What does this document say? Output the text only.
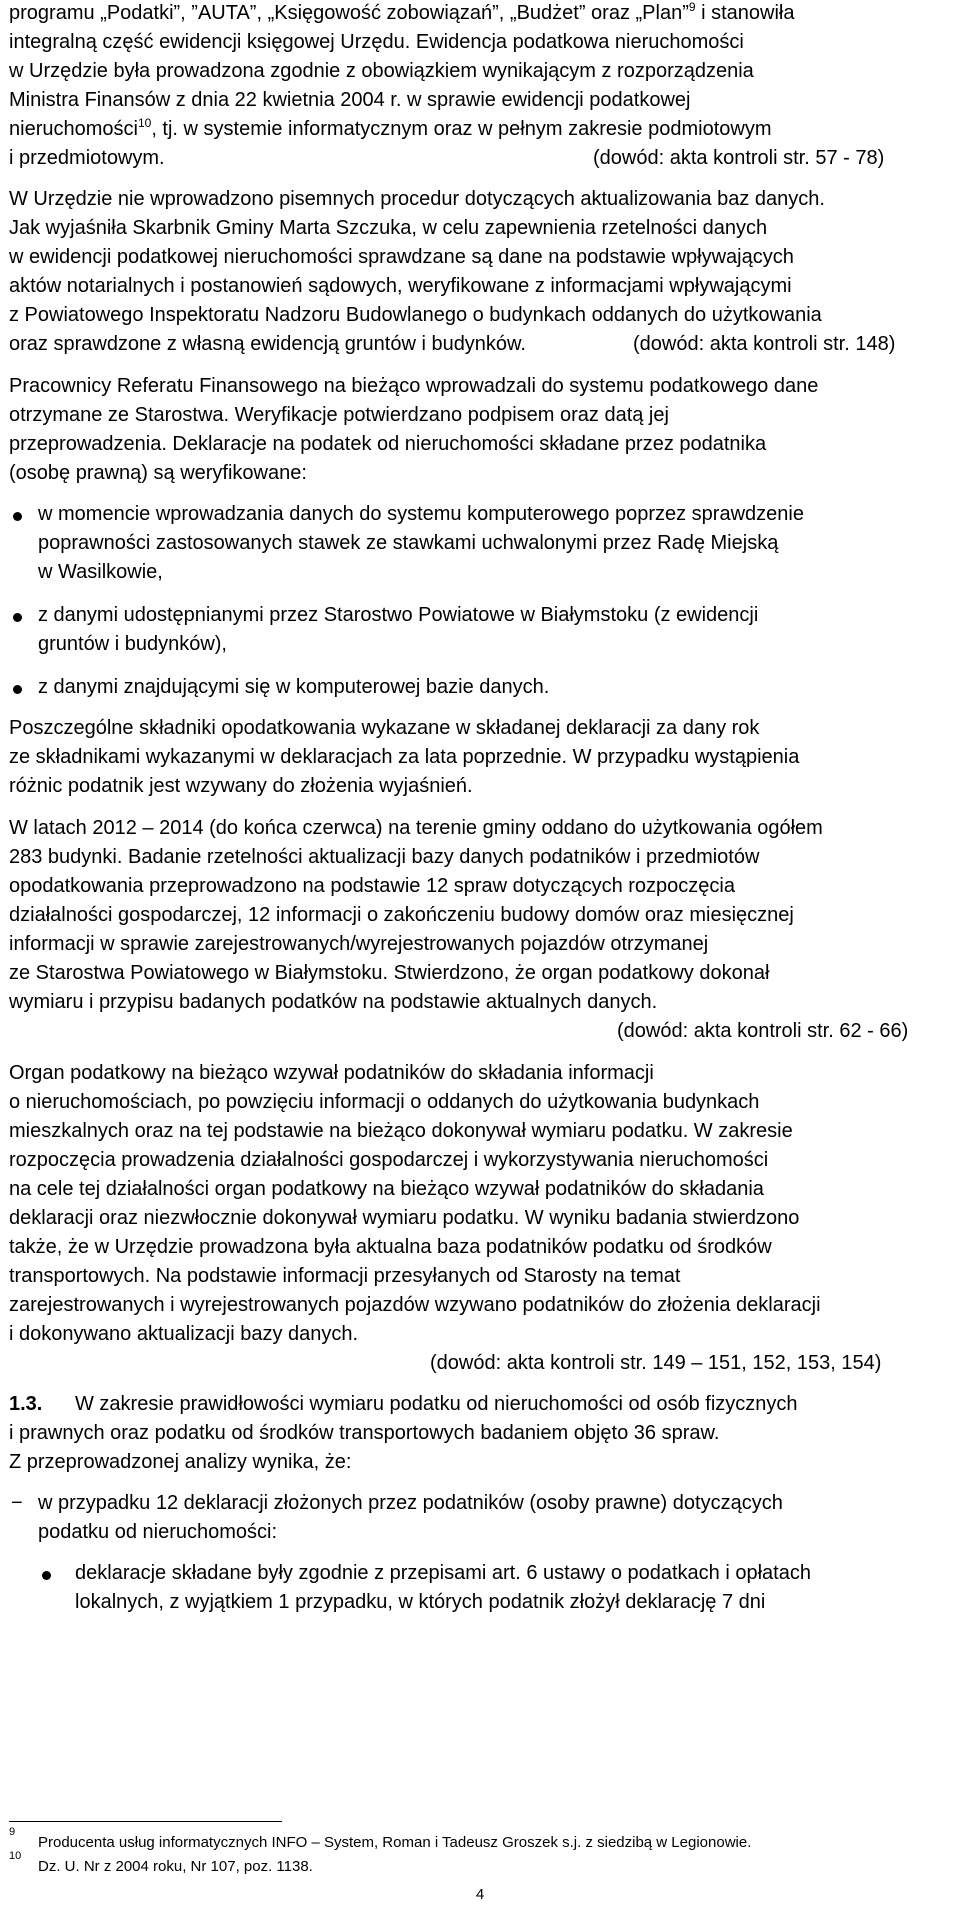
programu „Podatki”, ”AUTA”, „Księgowość zobowiązań”, „Budżet” oraz „Plan”$^9$ i stanowiła
integralną część ewidencji księgowej Urzędu. Ewidencja podatkowa nieruchomości
w Urzędzie była prowadzona zgodnie z obowiązkiem wynikającym z rozporządzenia
Ministra Finansów z dnia 22 kwietnia 2004 r. w sprawie ewidencji podatkowej
nieruchomości$^{10}$, tj. w systemie informatycznym oraz w pełnym zakresie podmiotowym
i przedmiotowym.	(dowód: akta kontroli str. 57 - 78)
W Urzędzie nie wprowadzono pisemnych procedur dotyczących aktualizowania baz danych.
Jak wyjaśniła Skarbnik Gminy Marta Szczuka, w celu zapewnienia rzetelności danych
w ewidencji podatkowej nieruchomości sprawdzane są dane na podstawie wpływających
aktów notarialnych i postanowień sądowych, weryfikowane z informacjami wpływającymi
z Powiatowego Inspektoratu Nadzoru Budowlanego o budynkach oddanych do użytkowania
oraz sprawdzone z własną ewidencją gruntów i budynków.	(dowód: akta kontroli str. 148)
Pracownicy Referatu Finansowego na bieżąco wprowadzali do systemu podatkowego dane
otrzymane ze Starostwa. Weryfikacje potwierdzano podpisem oraz datą jej
przeprowadzenia. Deklaracje na podatek od nieruchomości składane przez podatnika
(osobę prawną) są weryfikowane:
w momencie wprowadzania danych do systemu komputerowego poprzez sprawdzenie
poprawności zastosowanych stawek ze stawkami uchwalonymi przez Radę Miejską
w Wasilkowie,
z danymi udostępnianymi przez Starostwo Powiatowe w Białymstoku (z ewidencji
gruntów i budynków),
z danymi znajdującymi się w komputerowej bazie danych.
Poszczególne składniki opodatkowania wykazane w składanej deklaracji za dany rok
ze składnikami wykazanymi w deklaracjach za lata poprzednie. W przypadku wystąpienia
różnic podatnik jest wzywany do złożenia wyjaśnień.
W latach 2012 – 2014 (do końca czerwca) na terenie gminy oddano do użytkowania ogółem
283 budynki. Badanie rzetelności aktualizacji bazy danych podatników i przedmiotów
opodatkowania przeprowadzono na podstawie 12 spraw dotyczących rozpoczęcia
działalności gospodarczej, 12 informacji o zakończeniu budowy domów oraz miesięcznej
informacji w sprawie zarejestrowanych/wyrejestrowanych pojazdów otrzymanej
ze Starostwa Powiatowego w Białymstoku. Stwierdzono, że organ podatkowy dokonał
wymiaru i przypisu badanych podatków na podstawie aktualnych danych.
(dowód: akta kontroli str. 62 - 66)
Organ podatkowy na bieżąco wzywał podatników do składania informacji
o nieruchomościach, po powzięciu informacji o oddanych do użytkowania budynkach
mieszkalnych oraz na tej podstawie na bieżąco dokonywał wymiaru podatku. W zakresie
rozpoczęcia prowadzenia działalności gospodarczej i wykorzystywania nieruchomości
na cele tej działalności organ podatkowy na bieżąco wzywał podatników do składania
deklaracji oraz niezwłocznie dokonywał wymiaru podatku. W wyniku badania stwierdzono
także, że w Urzędzie prowadzona była aktualna baza podatników podatku od środków
transportowych. Na podstawie informacji przesyłanych od Starosty na temat
zarejestrowanych i wyrejestrowanych pojazdów wzywano podatników do złożenia deklaracji
i dokonywano aktualizacji bazy danych.
(dowód: akta kontroli str. 149 – 151, 152, 153, 154)
1.3. W zakresie prawidłowości wymiaru podatku od nieruchomości od osób fizycznych
i prawnych oraz podatku od środków transportowych badaniem objęto 36 spraw.
Z przeprowadzonej analizy wynika, że:
− w przypadku 12 deklaracji złożonych przez podatników (osoby prawne) dotyczących
podatku od nieruchomości:
deklaracje składane były zgodnie z przepisami art. 6 ustawy o podatkach i opłatach
lokalnych, z wyjątkiem 1 przypadku, w których podatnik złożył deklarację 7 dni
$^9$
Producenta usług informatycznych INFO – System, Roman i Tadeusz Groszek s.j. z siedzibą w Legionowie.
$^{10}$
Dz. U. Nr z 2004 roku, Nr 107, poz. 1138.
4
